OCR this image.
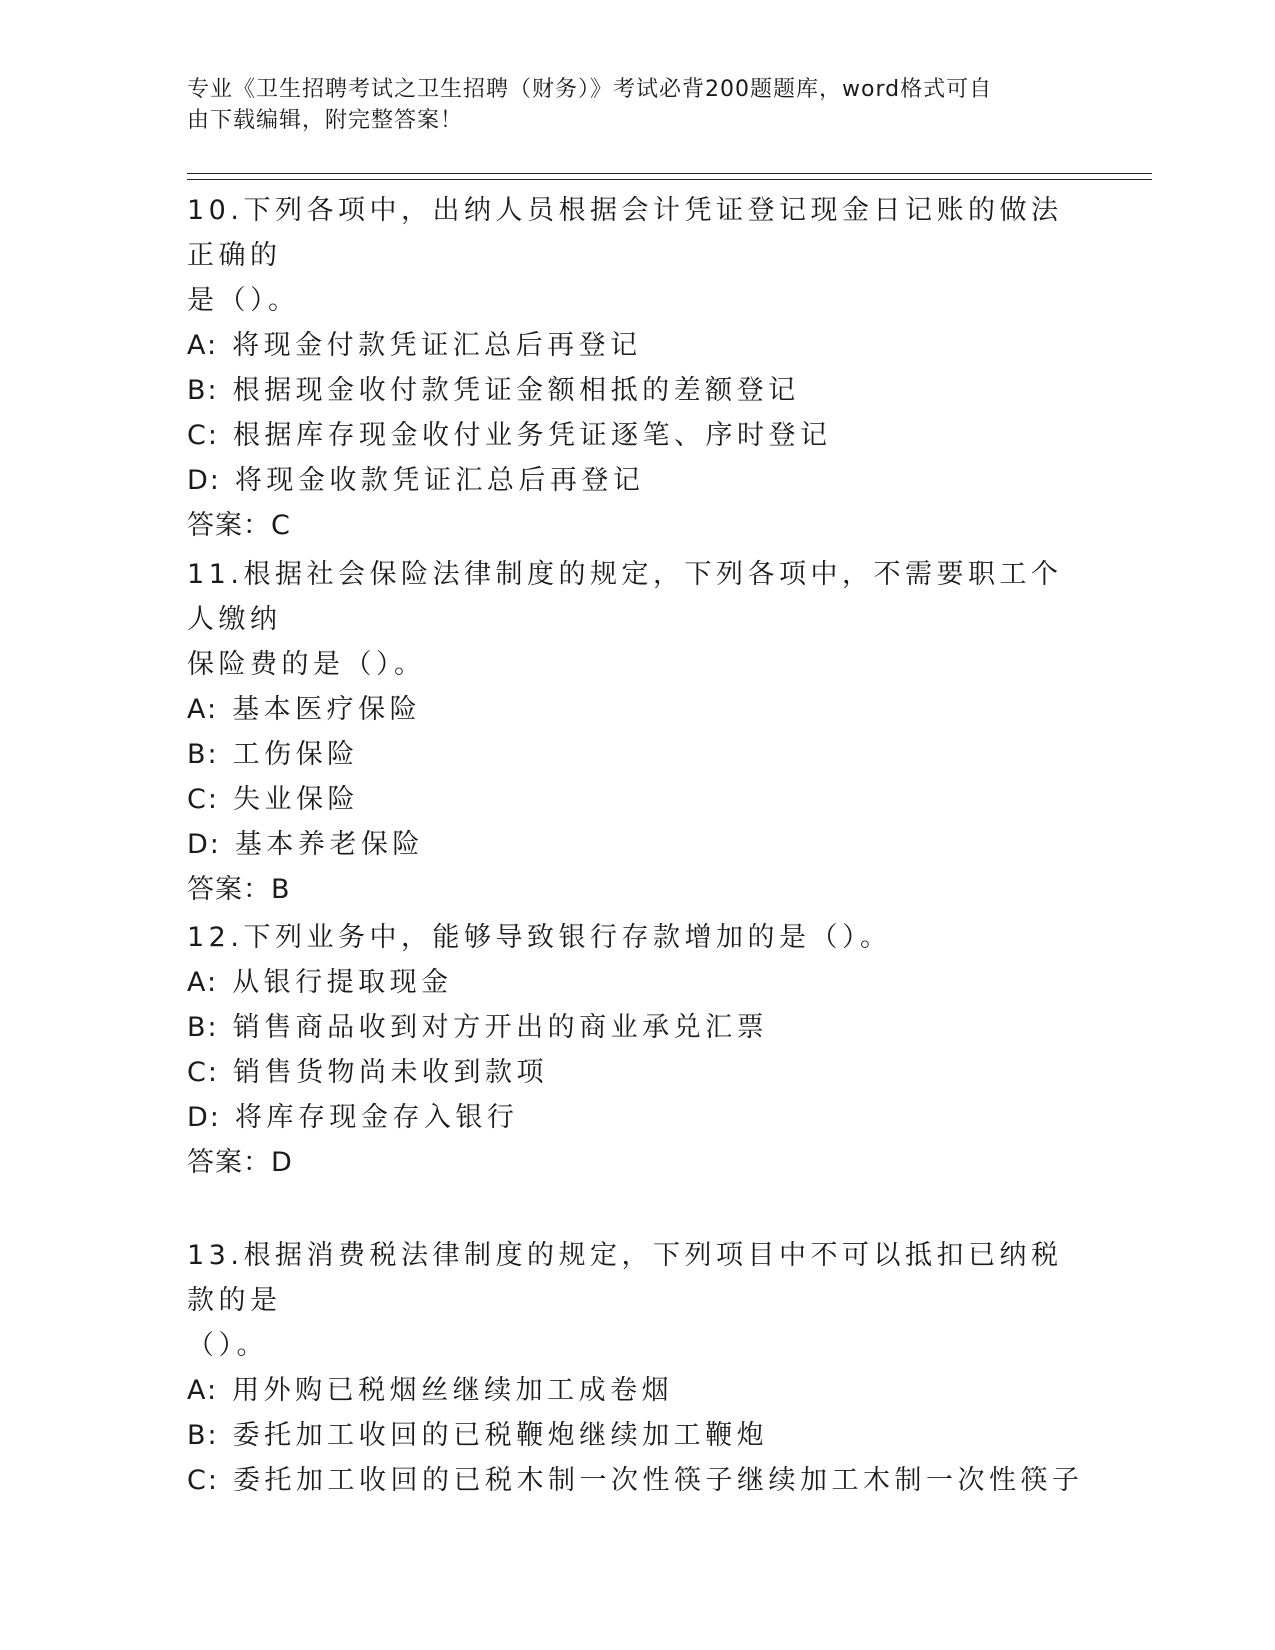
专业《卫生招聘考试之卫生招聘（财务）》考试必背200题题库，word格式可自
由下载编辑，附完整答案！

10.下列各项中，出纳人员根据会计凭证登记现金日记账的做法正确的

是（）。

A: 将现金付款凭证汇总后再登记

B: 根据现金收付款凭证金额相抵的差额登记

C: 根据库存现金收付业务凭证逐笔、序时登记

D: 将现金收款凭证汇总后再登记

答案：C

11.根据社会保险法律制度的规定，下列各项中，不需要职工个人缴纳

保险费的是（）。

A: 基本医疗保险

B: 工伤保险

C: 失业保险

D: 基本养老保险

答案：B

12.下列业务中，能够导致银行存款增加的是（）。

A: 从银行提取现金

B: 销售商品收到对方开出的商业承兑汇票

C: 销售货物尚未收到款项

D: 将库存现金存入银行

答案：D

13.根据消费税法律制度的规定，下列项目中不可以抵扣已纳税款的是

（）。

A: 用外购已税烟丝继续加工成卷烟

B: 委托加工收回的已税鞭炮继续加工鞭炮

C: 委托加工收回的已税木制一次性筷子继续加工木制一次性筷子
